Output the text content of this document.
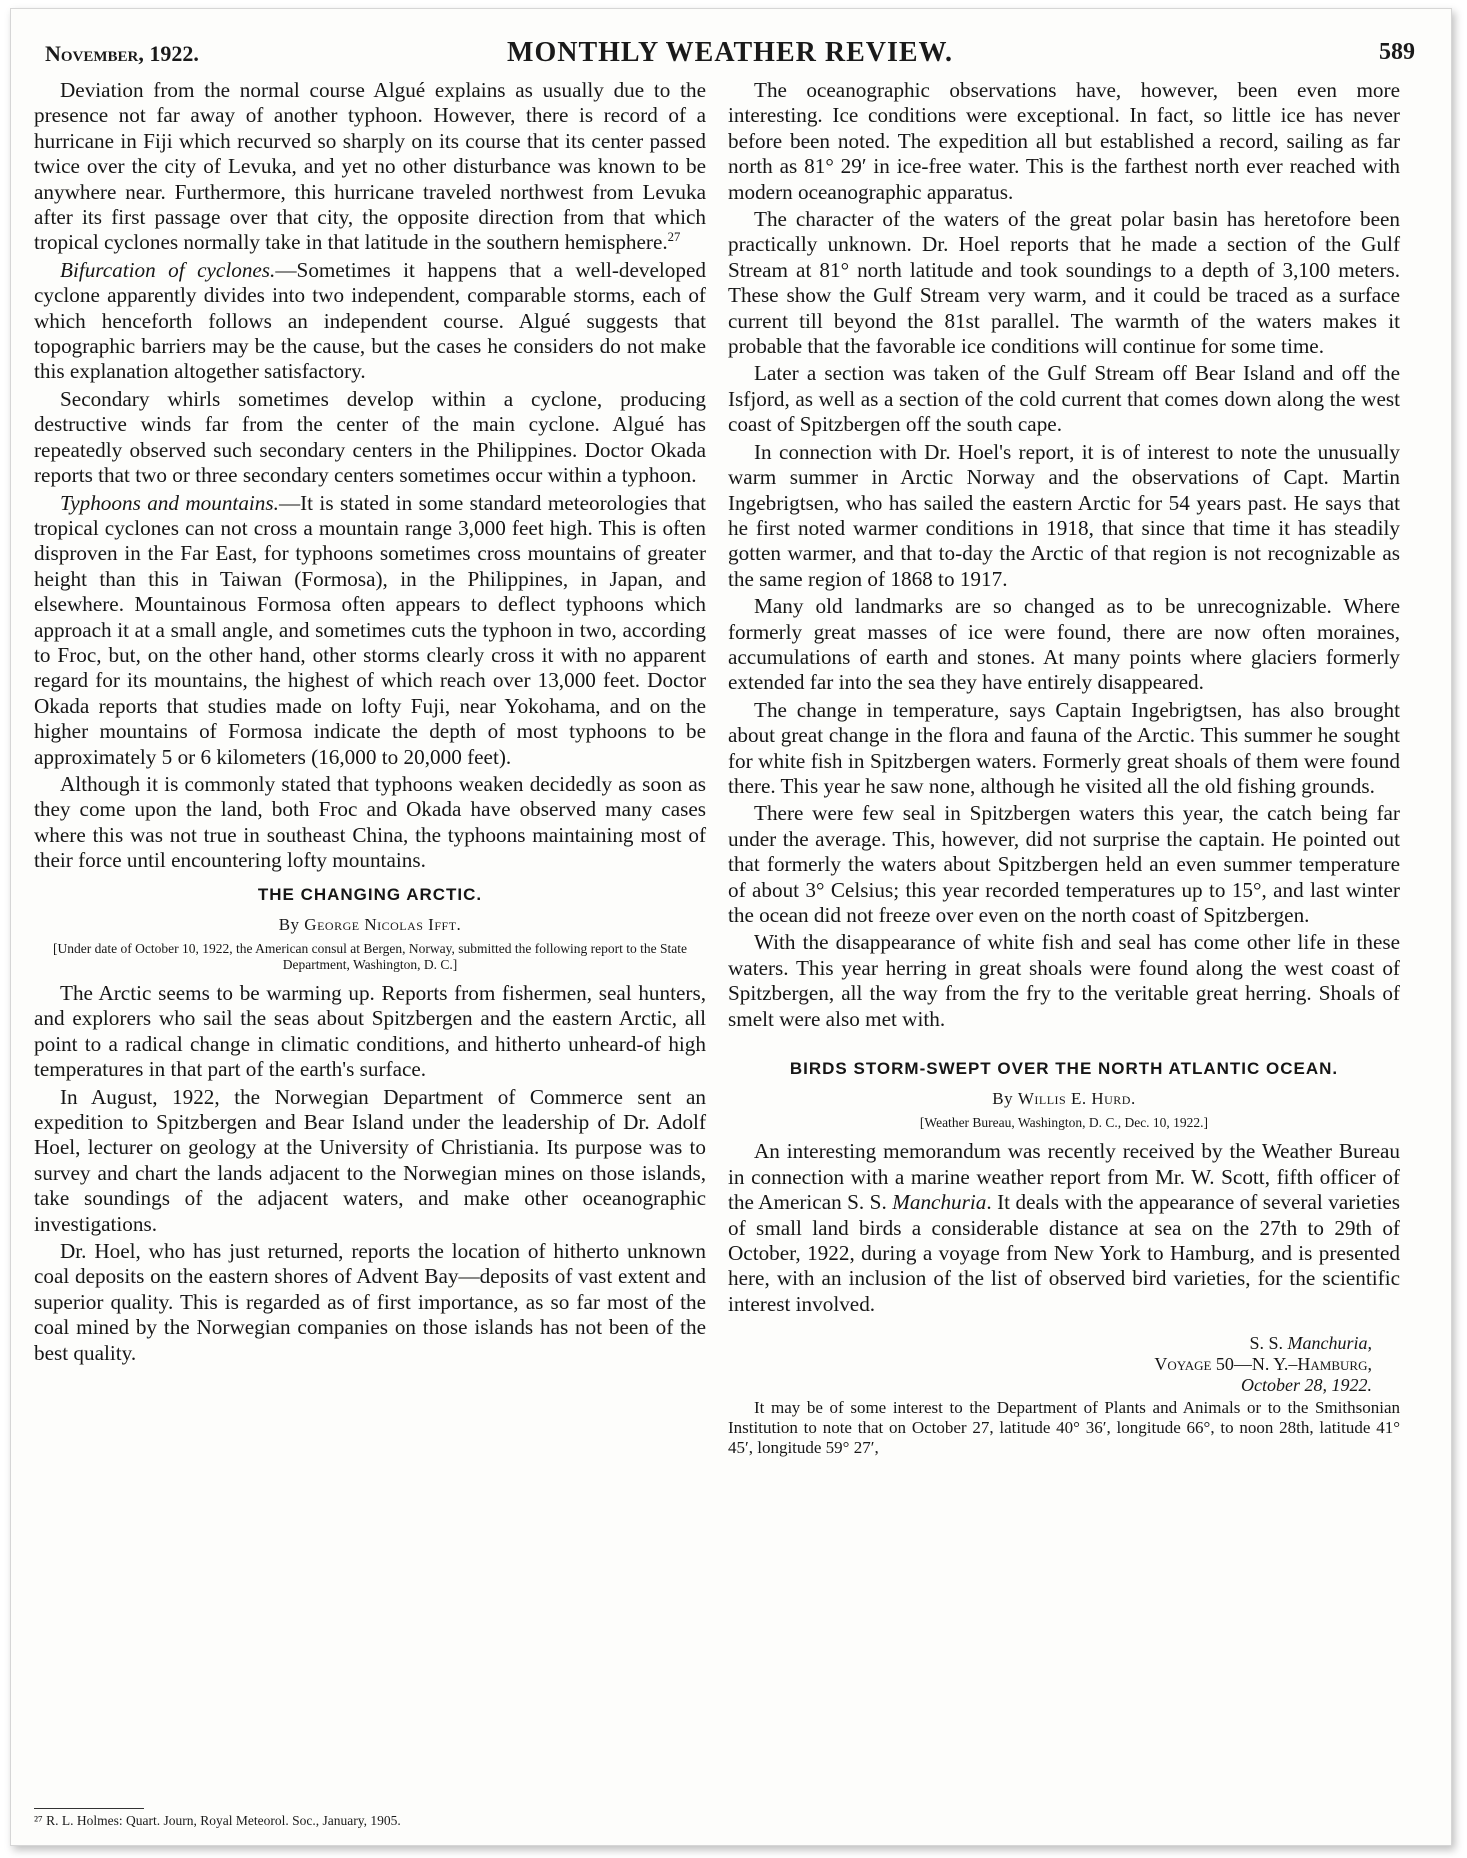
November, 1922.	MONTHLY WEATHER REVIEW.	589

Deviation from the normal course Algué explains as usually due to the presence not far away of another typhoon. However, there is record of a hurricane in Fiji which recurved so sharply on its course that its center passed twice over the city of Levuka, and yet no other disturbance was known to be anywhere near. Furthermore, this hurricane traveled northwest from Levuka after its first passage over that city, the opposite direction from that which tropical cyclones normally take in that latitude in the southern hemisphere.$^{27}$

Bifurcation of cyclones.—Sometimes it happens that a well-developed cyclone apparently divides into two independent, comparable storms, each of which henceforth follows an independent course. Algué suggests that topographic barriers may be the cause, but the cases he considers do not make this explanation altogether satisfactory.

Secondary whirls sometimes develop within a cyclone, producing destructive winds far from the center of the main cyclone. Algué has repeatedly observed such secondary centers in the Philippines. Doctor Okada reports that two or three secondary centers sometimes occur within a typhoon.

Typhoons and mountains.—It is stated in some standard meteorologies that tropical cyclones can not cross a mountain range 3,000 feet high. This is often disproven in the Far East, for typhoons sometimes cross mountains of greater height than this in Taiwan (Formosa), in the Philippines, in Japan, and elsewhere. Mountainous Formosa often appears to deflect typhoons which approach it at a small angle, and sometimes cuts the typhoon in two, according to Froc, but, on the other hand, other storms clearly cross it with no apparent regard for its mountains, the highest of which reach over 13,000 feet. Doctor Okada reports that studies made on lofty Fuji, near Yokohama, and on the higher mountains of Formosa indicate the depth of most typhoons to be approximately 5 or 6 kilometers (16,000 to 20,000 feet).

Although it is commonly stated that typhoons weaken decidedly as soon as they come upon the land, both Froc and Okada have observed many cases where this was not true in southeast China, the typhoons maintaining most of their force until encountering lofty mountains.

THE CHANGING ARCTIC.
By George Nicolas Ifft.
[Under date of October 10, 1922, the American consul at Bergen, Norway, submitted the following report to the State Department, Washington, D. C.]

The Arctic seems to be warming up. Reports from fishermen, seal hunters, and explorers who sail the seas about Spitzbergen and the eastern Arctic, all point to a radical change in climatic conditions, and hitherto unheard-of high temperatures in that part of the earth's surface.

In August, 1922, the Norwegian Department of Commerce sent an expedition to Spitzbergen and Bear Island under the leadership of Dr. Adolf Hoel, lecturer on geology at the University of Christiania. Its purpose was to survey and chart the lands adjacent to the Norwegian mines on those islands, take soundings of the adjacent waters, and make other oceanographic investigations.

Dr. Hoel, who has just returned, reports the location of hitherto unknown coal deposits on the eastern shores of Advent Bay—deposits of vast extent and superior quality. This is regarded as of first importance, as so far most of the coal mined by the Norwegian companies on those islands has not been of the best quality.

The oceanographic observations have, however, been even more interesting. Ice conditions were exceptional. In fact, so little ice has never before been noted. The expedition all but established a record, sailing as far north as 81° 29′ in ice-free water. This is the farthest north ever reached with modern oceanographic apparatus.

The character of the waters of the great polar basin has heretofore been practically unknown. Dr. Hoel reports that he made a section of the Gulf Stream at 81° north latitude and took soundings to a depth of 3,100 meters. These show the Gulf Stream very warm, and it could be traced as a surface current till beyond the 81st parallel. The warmth of the waters makes it probable that the favorable ice conditions will continue for some time.

Later a section was taken of the Gulf Stream off Bear Island and off the Isfjord, as well as a section of the cold current that comes down along the west coast of Spitzbergen off the south cape.

In connection with Dr. Hoel's report, it is of interest to note the unusually warm summer in Arctic Norway and the observations of Capt. Martin Ingebrigtsen, who has sailed the eastern Arctic for 54 years past. He says that he first noted warmer conditions in 1918, that since that time it has steadily gotten warmer, and that to-day the Arctic of that region is not recognizable as the same region of 1868 to 1917.

Many old landmarks are so changed as to be unrecognizable. Where formerly great masses of ice were found, there are now often moraines, accumulations of earth and stones. At many points where glaciers formerly extended far into the sea they have entirely disappeared.

The change in temperature, says Captain Ingebrigtsen, has also brought about great change in the flora and fauna of the Arctic. This summer he sought for white fish in Spitzbergen waters. Formerly great shoals of them were found there. This year he saw none, although he visited all the old fishing grounds.

There were few seal in Spitzbergen waters this year, the catch being far under the average. This, however, did not surprise the captain. He pointed out that formerly the waters about Spitzbergen held an even summer temperature of about 3° Celsius; this year recorded temperatures up to 15°, and last winter the ocean did not freeze over even on the north coast of Spitzbergen.

With the disappearance of white fish and seal has come other life in these waters. This year herring in great shoals were found along the west coast of Spitzbergen, all the way from the fry to the veritable great herring. Shoals of smelt were also met with.

BIRDS STORM-SWEPT OVER THE NORTH ATLANTIC OCEAN.
By Willis E. Hurd.
[Weather Bureau, Washington, D. C., Dec. 10, 1922.]

An interesting memorandum was recently received by the Weather Bureau in connection with a marine weather report from Mr. W. Scott, fifth officer of the American S. S. Manchuria. It deals with the appearance of several varieties of small land birds a considerable distance at sea on the 27th to 29th of October, 1922, during a voyage from New York to Hamburg, and is presented here, with an inclusion of the list of observed bird varieties, for the scientific interest involved.

S. S. Manchuria,
Voyage 50—N. Y.–Hamburg,
October 28, 1922.

It may be of some interest to the Department of Plants and Animals or to the Smithsonian Institution to note that on October 27, latitude 40° 36′, longitude 66°, to noon 28th, latitude 41° 45′, longitude 59° 27′,

²⁷ R. L. Holmes: Quart. Journ, Royal Meteorol. Soc., January, 1905.
